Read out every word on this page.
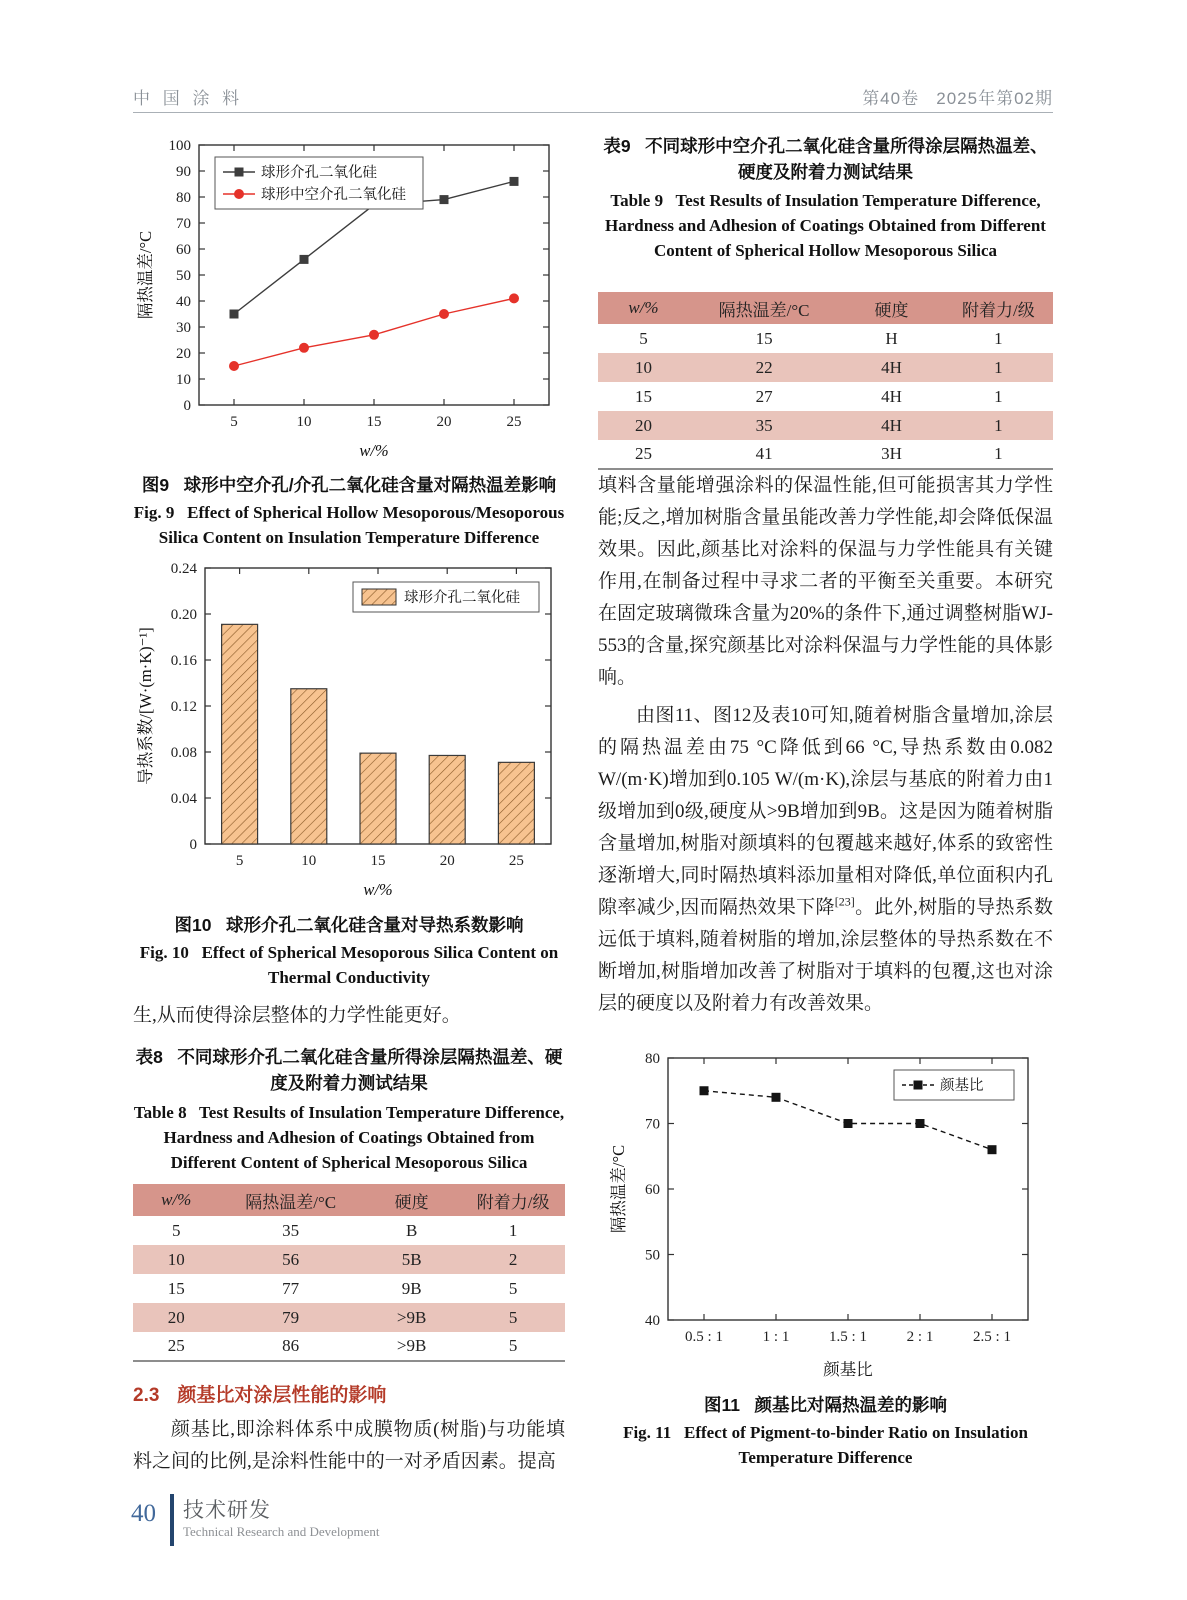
中 国 涂 料	第40卷   2025年第02期
0
10
20
30
40
50
60
70
80
90
100
5	10	15	20	25
w/%
隔热温差/°C
球形介孔二氧化硅
球形中空介孔二氧化硅
图9   球形中空介孔/介孔二氧化硅含量对隔热温差影响
Fig. 9   Effect of Spherical Hollow Mesoporous/Mesoporous Silica Content on Insulation Temperature Difference
0
0.04
0.08
0.12
0.16
0.20
0.24
5	10	15	20	25
w/%
导热系数/[W·(m·K)⁻¹]
球形介孔二氧化硅
图10   球形介孔二氧化硅含量对导热系数影响
Fig. 10   Effect of Spherical Mesoporous Silica Content on Thermal Conductivity
生,从而使得涂层整体的力学性能更好。
表8   不同球形介孔二氧化硅含量所得涂层隔热温差、硬度及附着力测试结果
Table 8   Test Results of Insulation Temperature Difference, Hardness and Adhesion of Coatings Obtained from Different Content of Spherical Mesoporous Silica
w/%	隔热温差/°C	硬度	附着力/级
5	35	B	1
10	56	5B	2
15	77	9B	5
20	79	>9B	5
25	86	>9B	5
2.3 颜基比对涂层性能的影响
颜基比,即涂料体系中成膜物质(树脂)与功能填料之间的比例,是涂料性能中的一对矛盾因素。提高
表9   不同球形中空介孔二氧化硅含量所得涂层隔热温差、硬度及附着力测试结果
Table 9   Test Results of Insulation Temperature Difference, Hardness and Adhesion of Coatings Obtained from Different Content of Spherical Hollow Mesoporous Silica
w/%	隔热温差/°C	硬度	附着力/级
5	15	H	1
10	22	4H	1
15	27	4H	1
20	35	4H	1
25	41	3H	1
填料含量能增强涂料的保温性能,但可能损害其力学性能;反之,增加树脂含量虽能改善力学性能,却会降低保温效果。因此,颜基比对涂料的保温与力学性能具有关键作用,在制备过程中寻求二者的平衡至关重要。本研究在固定玻璃微珠含量为20%的条件下,通过调整树脂WJ-553的含量,探究颜基比对涂料保温与力学性能的具体影响。

由图11、图12及表10可知,随着树脂含量增加,涂层的隔热温差由75 °C降低到66 °C,导热系数由0.082 W/(m·K)增加到0.105 W/(m·K),涂层与基底的附着力由1级增加到0级,硬度从>9B增加到9B。这是因为随着树脂含量增加,树脂对颜填料的包覆越来越好,体系的致密性逐渐增大,同时隔热填料添加量相对降低,单位面积内孔隙率减少,因而隔热效果下降[23]。此外,树脂的导热系数远低于填料,随着树脂的增加,涂层整体的导热系数在不断增加,树脂增加改善了树脂对于填料的包覆,这也对涂层的硬度以及附着力有改善效果。

40
50
60
70
80
0.5 : 1	1 : 1	1.5 : 1	2 : 1	2.5 : 1
颜基比
隔热温差/°C
颜基比
图11   颜基比对隔热温差的影响
Fig. 11   Effect of Pigment-to-binder Ratio on Insulation Temperature Difference
40 技术研发
Technical Research and Development
